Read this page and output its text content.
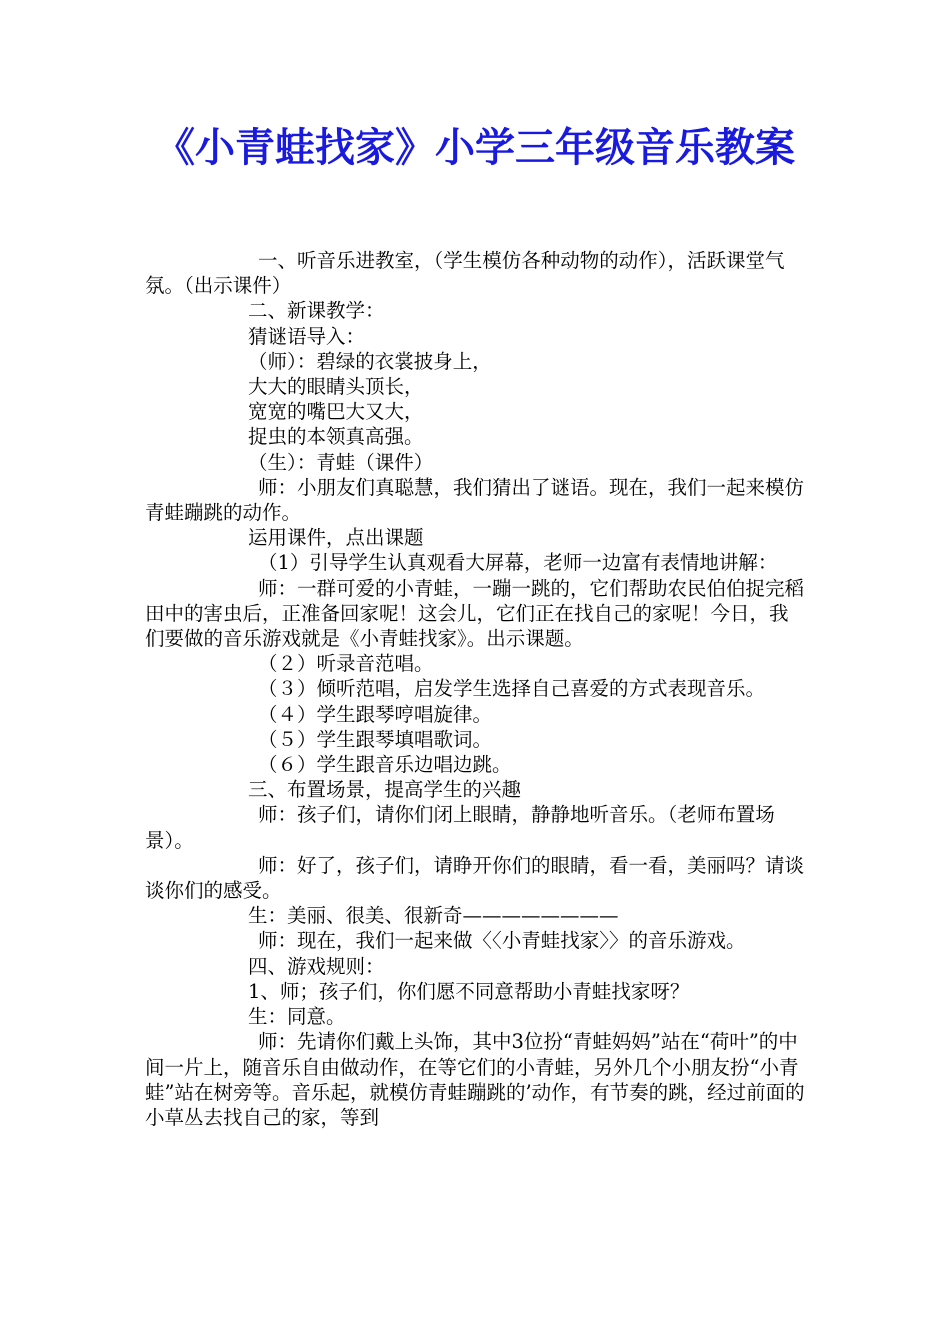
《小青蛙找家》小学三年级音乐教案

一、听音乐进教室，（学生模仿各种动物的动作），活跃课堂气氛。（出示课件）

二、新课教学：

猜谜语导入：

（师）：碧绿的衣裳披身上，

大大的眼睛头顶长，

宽宽的嘴巴大又大，

捉虫的本领真高强。

（生）：青蛙（课件）

师：小朋友们真聪慧，我们猜出了谜语。现在，我们一起来模仿青蛙蹦跳的动作。

运用课件，点出课题

（1）引导学生认真观看大屏幕，老师一边富有表情地讲解：

师：一群可爱的小青蛙，一蹦一跳的，它们帮助农民伯伯捉完稻田中的害虫后，正准备回家呢！这会儿，它们正在找自己的家呢！今日，我们要做的音乐游戏就是《小青蛙找家》。出示课题。

（２）听录音范唱。

（３）倾听范唱，启发学生选择自己喜爱的方式表现音乐。

（４）学生跟琴哼唱旋律。

（５）学生跟琴填唱歌词。

（６）学生跟音乐边唱边跳。

三、布置场景，提高学生的兴趣

师：孩子们，请你们闭上眼睛，静静地听音乐。（老师布置场景）。

师：好了，孩子们，请睁开你们的眼睛，看一看，美丽吗？请谈谈你们的感受。

生：美丽、很美、很新奇————————

师：现在，我们一起来做〈〈小青蛙找家〉〉的音乐游戏。

四、游戏规则：

1、师；孩子们，你们愿不同意帮助小青蛙找家呀？

生：同意。

师：先请你们戴上头饰，其中3位扮“青蛙妈妈”站在“荷叶”的中间一片上，随音乐自由做动作，在等它们的小青蛙，另外几个小朋友扮“小青蛙”站在树旁等。音乐起，就模仿青蛙蹦跳的’动作，有节奏的跳，经过前面的小草丛去找自己的家，等到
